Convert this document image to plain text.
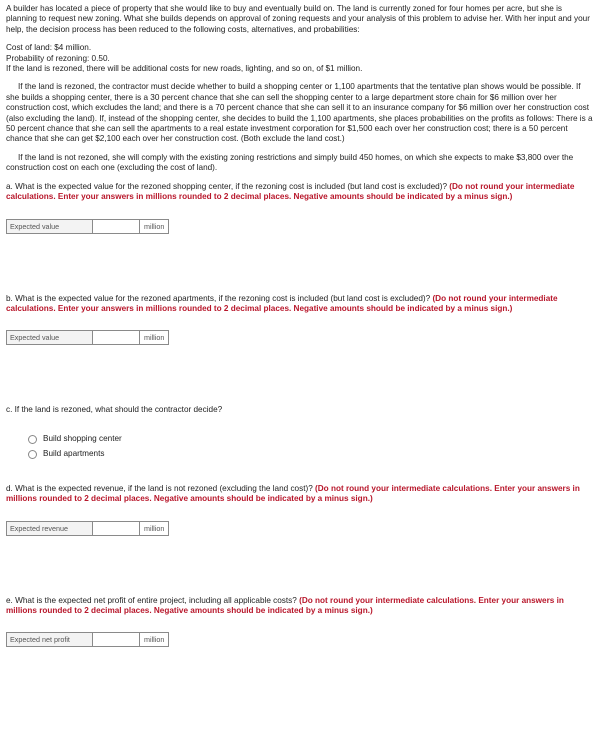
A builder has located a piece of property that she would like to buy and eventually build on. The land is currently zoned for four homes per acre, but she is planning to request new zoning. What she builds depends on approval of zoning requests and your analysis of this problem to advise her. With her input and your help, the decision process has been reduced to the following costs, alternatives, and probabilities:

Cost of land: $4 million.

Probability of rezoning: 0.50.

If the land is rezoned, there will be additional costs for new roads, lighting, and so on, of $1 million.

If the land is rezoned, the contractor must decide whether to build a shopping center or 1,100 apartments that the tentative plan shows would be possible. If she builds a shopping center, there is a 30 percent chance that she can sell the shopping center to a large department store chain for $6 million over her construction cost, which excludes the land; and there is a 70 percent chance that she can sell it to an insurance company for $6 million over her construction cost (also excluding the land). If, instead of the shopping center, she decides to build the 1,100 apartments, she places probabilities on the profits as follows: There is a 50 percent chance that she can sell the apartments to a real estate investment corporation for $1,500 each over her construction cost; there is a 50 percent chance that she can get $2,100 each over her construction cost. (Both exclude the land cost.)

If the land is not rezoned, she will comply with the existing zoning restrictions and simply build 450 homes, on which she expects to make $3,800 over the construction cost on each one (excluding the cost of land).

a. What is the expected value for the rezoned shopping center, if the rezoning cost is included (but land cost is excluded)? (Do not round your intermediate calculations. Enter your answers in millions rounded to 2 decimal places. Negative amounts should be indicated by a minus sign.)

Expected value	million

b. What is the expected value for the rezoned apartments, if the rezoning cost is included (but land cost is excluded)? (Do not round your intermediate calculations. Enter your answers in millions rounded to 2 decimal places. Negative amounts should be indicated by a minus sign.)

Expected value	million

c. If the land is rezoned, what should the contractor decide?

Build shopping center
Build apartments

d. What is the expected revenue, if the land is not rezoned (excluding the land cost)? (Do not round your intermediate calculations. Enter your answers in millions rounded to 2 decimal places. Negative amounts should be indicated by a minus sign.)

Expected revenue	million

e. What is the expected net profit of entire project, including all applicable costs? (Do not round your intermediate calculations. Enter your answers in millions rounded to 2 decimal places. Negative amounts should be indicated by a minus sign.)

Expected net profit	million
